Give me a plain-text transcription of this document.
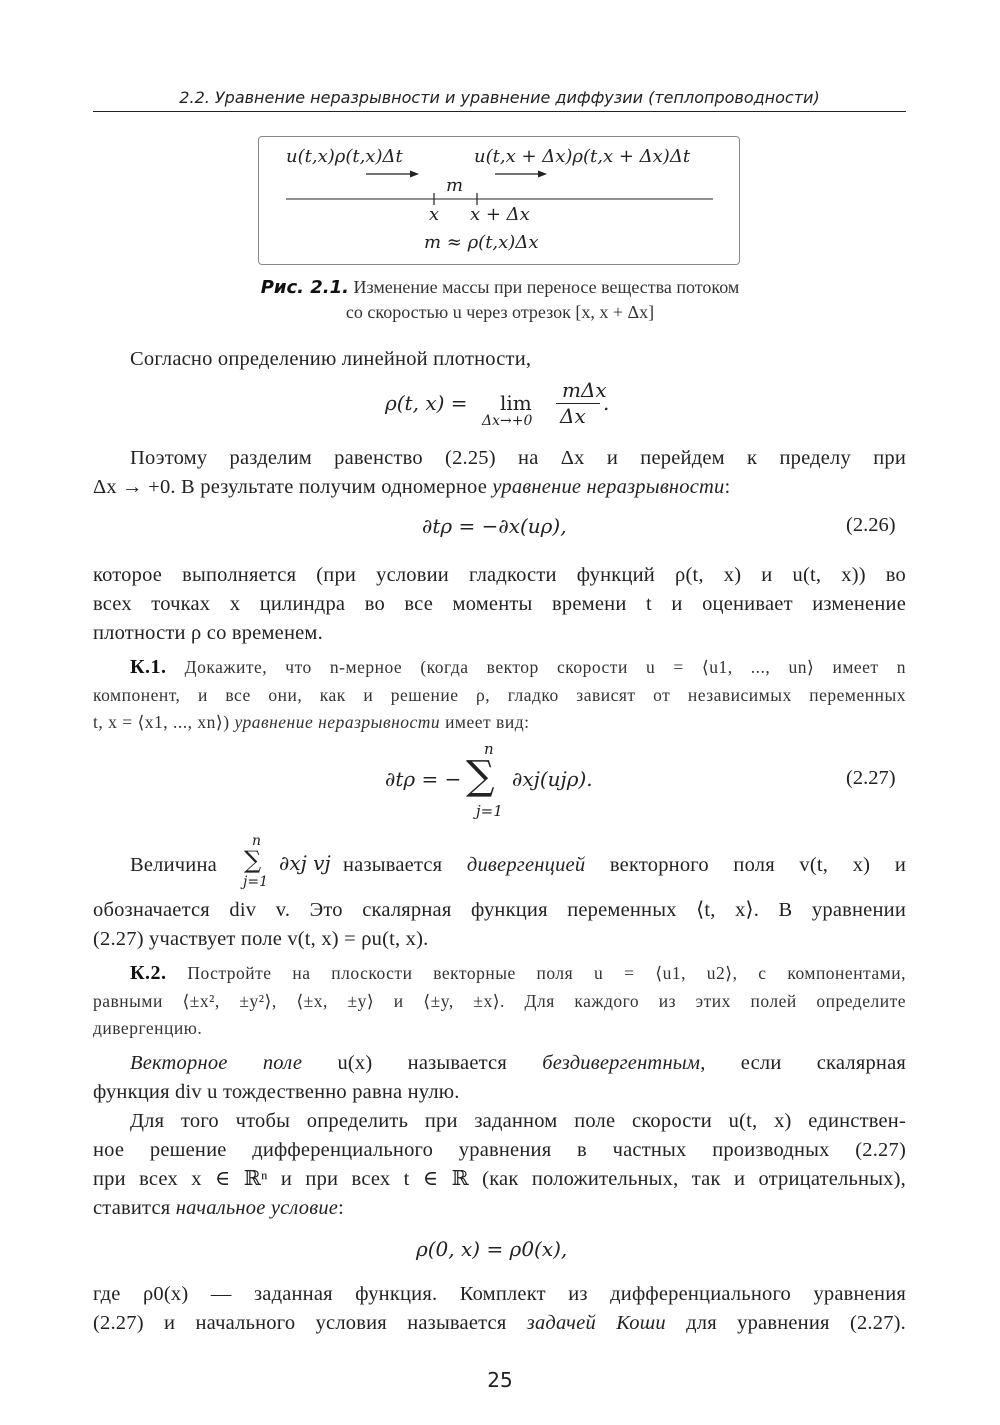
2.2. Уравнение неразрывности и уравнение диффузии (теплопроводности)
u(t,x)ρ(t,x)Δt	u(t,x + Δx)ρ(t,x + Δx)Δt
m
x x + Δx
m ≈ ρ(t,x)Δx
Рис. 2.1. Изменение массы при переносе вещества потоком
со скоростью u через отрезок [x, x + Δx]
Согласно определению линейной плотности,
ρ(t, x) = lim
Δx→+0
mΔx
Δx
.
Поэтому разделим равенство (2.25) на Δx и перейдем к пределу при
Δx → +0. В результате получим одномерное уравнение неразрывности:
∂tρ = −∂x(uρ),	(2.26)
которое выполняется (при условии гладкости функций ρ(t, x) и u(t, x)) во
всех точках x цилиндра во все моменты времени t и оценивает изменение
плотности ρ со временем.
К.1. Докажите, что n-мерное (когда вектор скорости u = ⟨u1, ..., un⟩ имеет n
компонент, и все они, как и решение ρ, гладко зависят от независимых переменных
t, x = ⟨x1, ..., xn⟩) уравнение неразрывности имеет вид:
∂tρ = −
n
∑
j=1
∂xj(ujρ).	(2.27)
Величина
n
∑
j=1
∂xj vj называется дивергенцией векторного поля v(t, x) и
обозначается div v. Это скалярная функция переменных ⟨t, x⟩. В уравнении
(2.27) участвует поле v(t, x) = ρu(t, x).
К.2. Постройте на плоскости векторные поля u = ⟨u1, u2⟩, с компонентами,
равными ⟨±x², ±y²⟩, ⟨±x, ±y⟩ и ⟨±y, ±x⟩. Для каждого из этих полей определите
дивергенцию.
Векторное поле u(x) называется бездивергентным, если скалярная
функция div u тождественно равна нулю.
Для того чтобы определить при заданном поле скорости u(t, x) единствен-
ное решение дифференциального уравнения в частных производных (2.27)
при всех x ∈ ℝⁿ и при всех t ∈ ℝ (как положительных, так и отрицательных),
ставится начальное условие:
ρ(0, x) = ρ0(x),
где ρ0(x) — заданная функция. Комплект из дифференциального уравнения
(2.27) и начального условия называется задачей Коши для уравнения (2.27).
25
